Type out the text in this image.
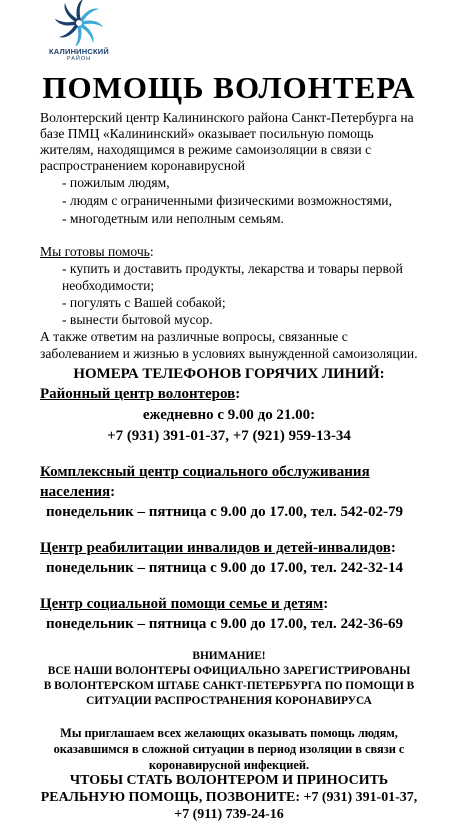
КАЛИНИНСКИЙ
РАЙОН
ПОМОЩЬ ВОЛОНТЕРА
Волонтерский центр Калининского района Санкт-Петербурга на
базе ПМЦ «Калининский» оказывает посильную помощь
жителям, находящимся в режиме самоизоляции в связи с
распространением коронавирусной
- пожилым людям,
- людям с ограниченными физическими возможностями,
- многодетным или неполным семьям.
Мы готовы помочь:
- купить и доставить продукты, лекарства и товары первой
необходимости;
- погулять с Вашей собакой;
- вынести бытовой мусор.
А также ответим на различные вопросы, связанные с
заболеванием и жизнью в условиях вынужденной самоизоляции.
НОМЕРА ТЕЛЕФОНОВ ГОРЯЧИХ ЛИНИЙ:
Районный центр волонтеров:
ежедневно с 9.00 до 21.00:
+7 (931) 391-01-37, +7 (921) 959-13-34
Комплексный центр социального обслуживания
населения:
понедельник – пятница с 9.00 до 17.00, тел. 542-02-79
Центр реабилитации инвалидов и детей-инвалидов:
понедельник – пятница с 9.00 до 17.00, тел. 242-32-14
Центр социальной помощи семье и детям:
понедельник – пятница с 9.00 до 17.00, тел. 242-36-69
ВНИМАНИЕ!
ВСЕ НАШИ ВОЛОНТЕРЫ ОФИЦИАЛЬНО ЗАРЕГИСТРИРОВАНЫ
В ВОЛОНТЕРСКОМ ШТАБЕ САНКТ-ПЕТЕРБУРГА ПО ПОМОЩИ В
СИТУАЦИИ РАСПРОСТРАНЕНИЯ КОРОНАВИРУСА
Мы приглашаем всех желающих оказывать помощь людям,
оказавшимся в сложной ситуации в период изоляции в связи с
коронавирусной инфекцией.
ЧТОБЫ СТАТЬ ВОЛОНТЕРОМ И ПРИНОСИТЬ
РЕАЛЬНУЮ ПОМОЩЬ, ПОЗВОНИТЕ: +7 (931) 391-01-37,
+7 (911) 739-24-16
